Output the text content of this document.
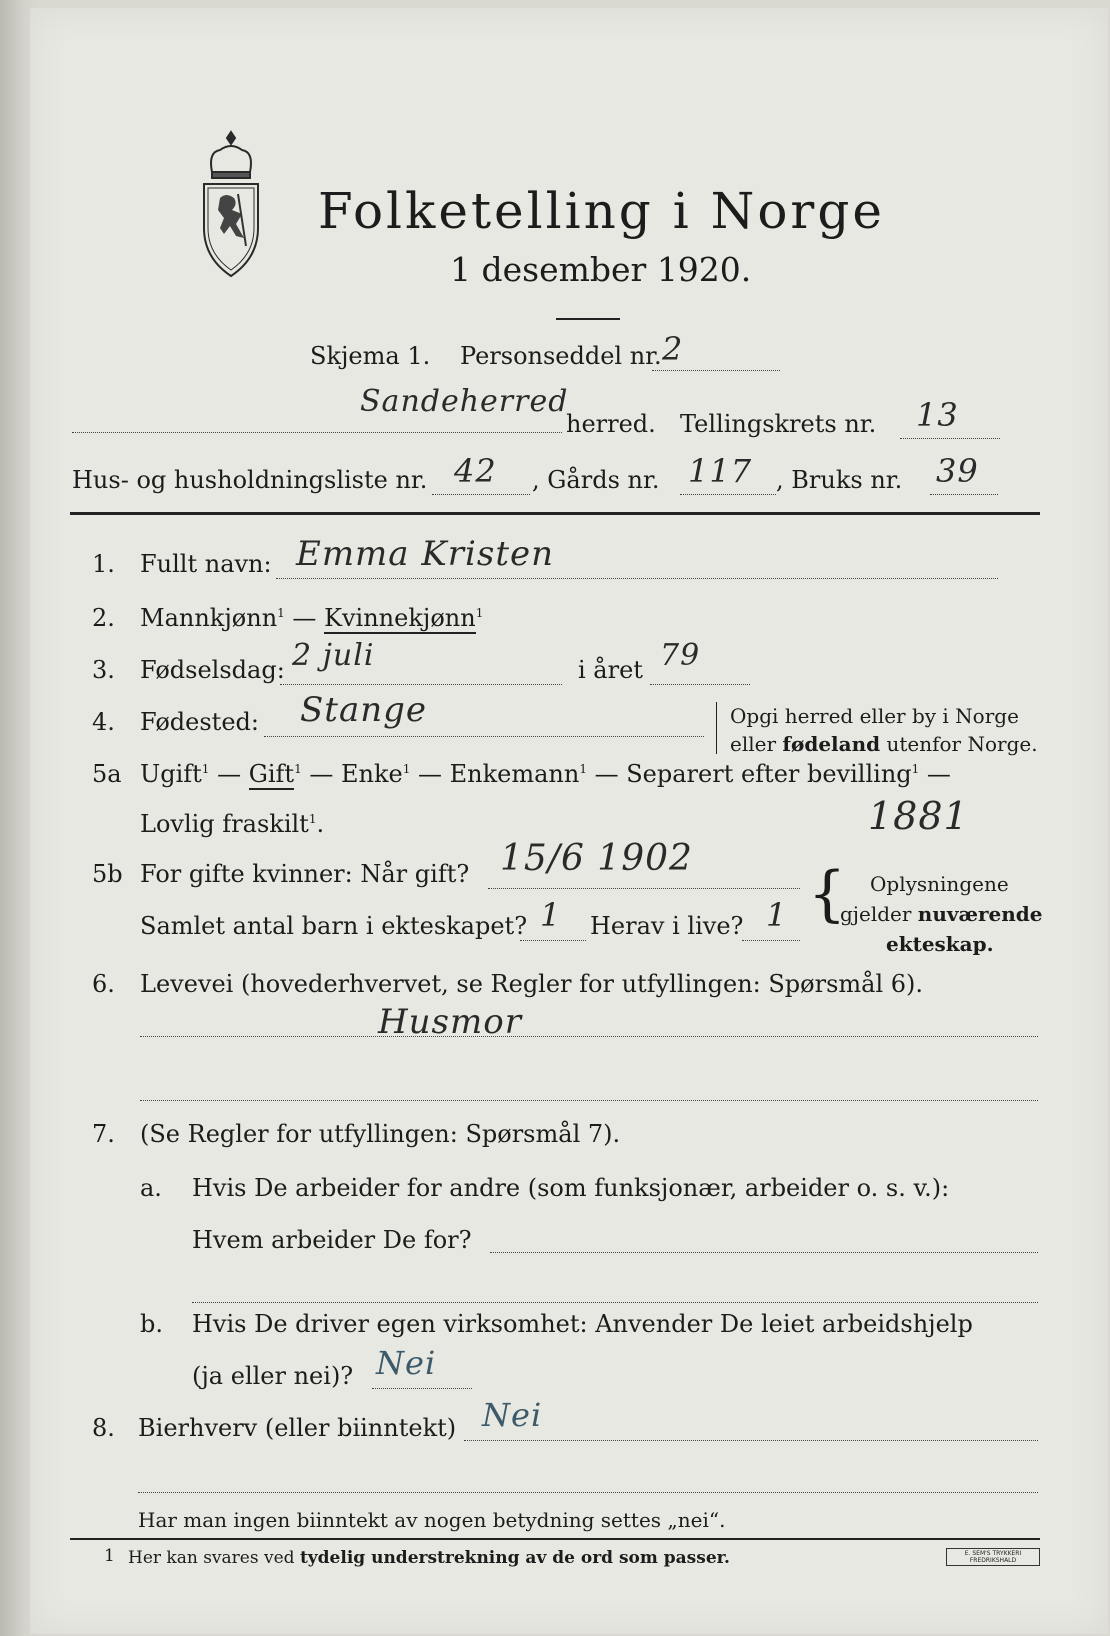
Folketelling i Norge
1 desember 1920.
Skjema 1. Personseddel nr. 2
Sandeherred
herred. Tellingskrets nr. 13
Hus- og husholdningsliste nr. 42 , Gårds nr. 117 , Bruks nr. 39
1. Fullt navn: Emma Kristen
2. Mannkjønn$^1$ — Kvinnekjønn$^1$
3. Fødselsdag: 2 juli	i året 79
4. Fødested: Stange	Opgi herred eller by i Norge
eller fødeland utenfor Norge.
5a Ugift$^1$ — Gift$^1$ — Enke$^1$ — Enkemann$^1$ — Separert efter bevilling$^1$ —
Lovlig fraskilt$^1$.	1881
5b For gifte kvinner: Når gift? 15/6 1902
Samlet antal barn i ekteskapet? 1 Herav i live? 1 { Oplysningene
gjelder nuværende
ekteskap.
6. Levevei (hovederhvervet, se Regler for utfyllingen: Spørsmål 6).
Husmor
7. (Se Regler for utfyllingen: Spørsmål 7).
a. Hvis De arbeider for andre (som funksjonær, arbeider o. s. v.):
Hvem arbeider De for?
b. Hvis De driver egen virksomhet: Anvender De leiet arbeidshjelp
(ja eller nei)? Nei
8. Bierhverv (eller biinntekt) Nei
Har man ingen biinntekt av nogen betydning settes „nei“.
1 Her kan svares ved tydelig understrekning av de ord som passer.	E. SEM'S TRYKKERI
FREDRIKSHALD
